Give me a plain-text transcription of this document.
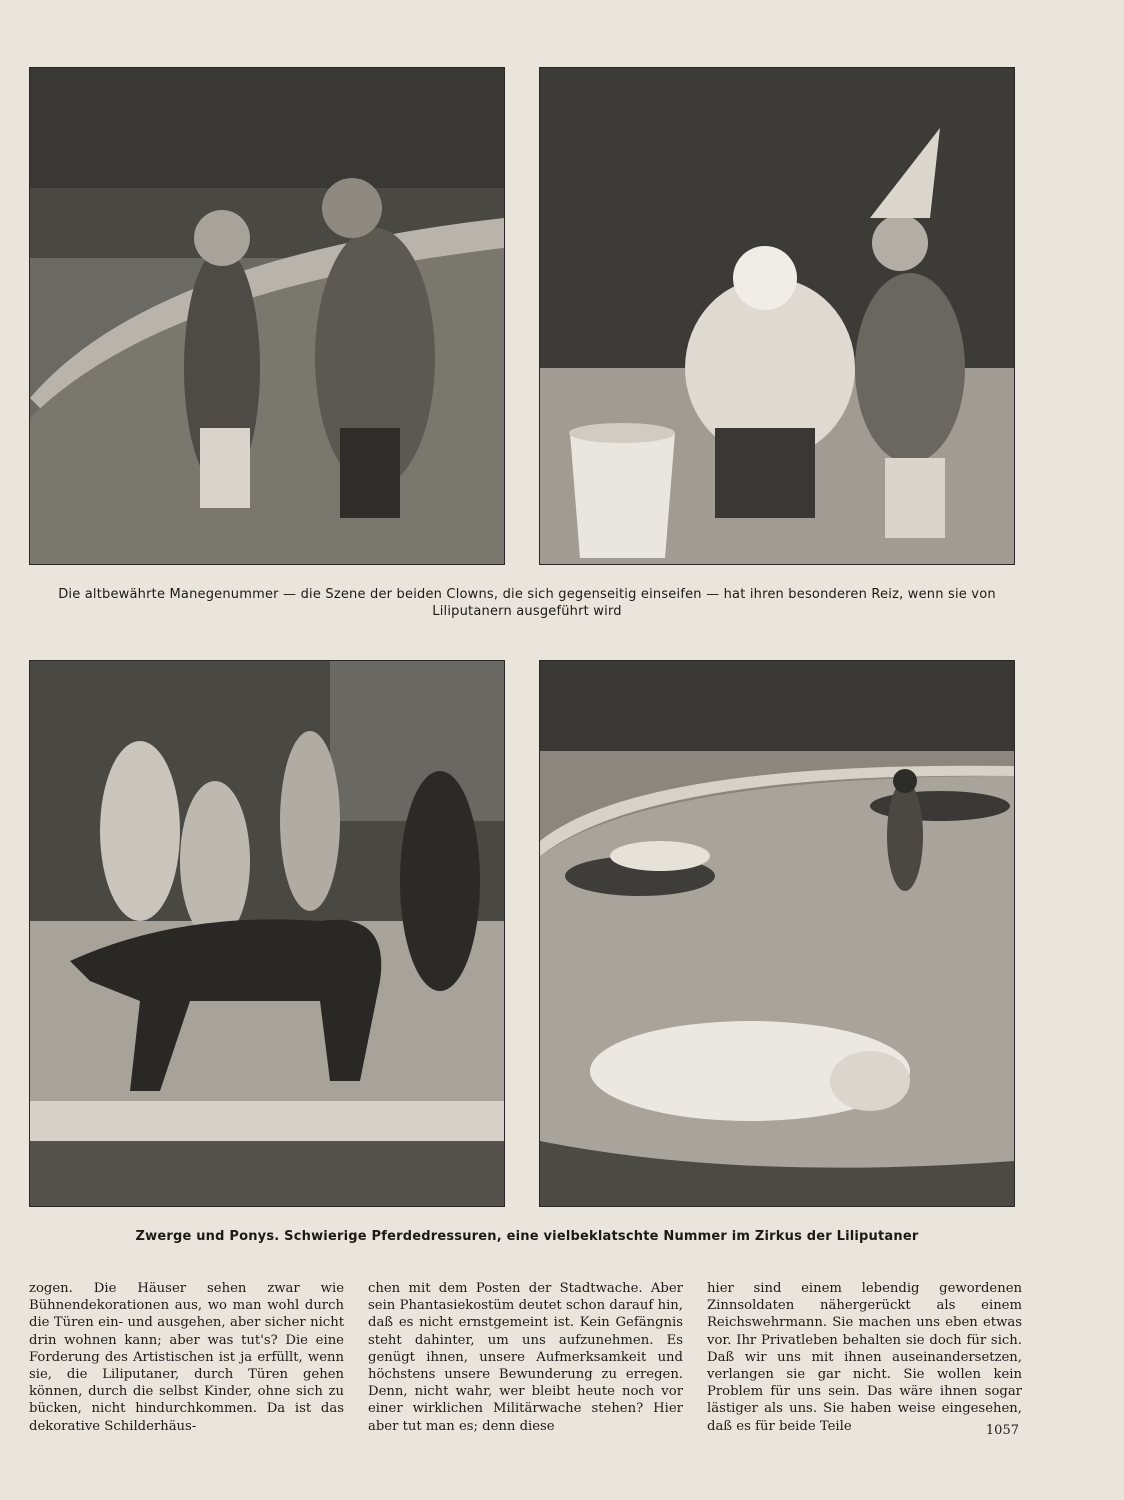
Die altbewährte Manegenummer — die Szene der beiden Clowns, die sich gegenseitig einseifen — hat ihren besonderen Reiz, wenn sie von
Liliputanern ausgeführt wird
Zwerge und Ponys. Schwierige Pferdedressuren, eine vielbeklatschte Nummer im Zirkus der Liliputaner

zogen. Die Häuser sehen zwar wie Bühnendekorationen aus, wo man wohl durch die Türen ein- und ausgehen, aber sicher nicht drin wohnen kann; aber was tut's? Die eine Forderung des Artistischen ist ja erfüllt, wenn sie, die Liliputaner, durch Türen gehen können, durch die selbst Kinder, ohne sich zu bücken, nicht hindurchkommen. Da ist das dekorative Schilderhäus-

chen mit dem Posten der Stadtwache. Aber sein Phantasiekostüm deutet schon darauf hin, daß es nicht ernstgemeint ist. Kein Gefängnis steht dahinter, um uns aufzunehmen. Es genügt ihnen, unsere Aufmerksamkeit und höchstens unsere Bewunderung zu erregen. Denn, nicht wahr, wer bleibt heute noch vor einer wirklichen Militärwache stehen? Hier aber tut man es; denn diese

hier sind einem lebendig gewordenen Zinnsoldaten nähergerückt als einem Reichswehrmann. Sie machen uns eben etwas vor. Ihr Privatleben behalten sie doch für sich. Daß wir uns mit ihnen auseinandersetzen, verlangen sie gar nicht. Sie wollen kein Problem für uns sein. Das wäre ihnen sogar lästiger als uns. Sie haben weise eingesehen, daß es für beide Teile	1057
